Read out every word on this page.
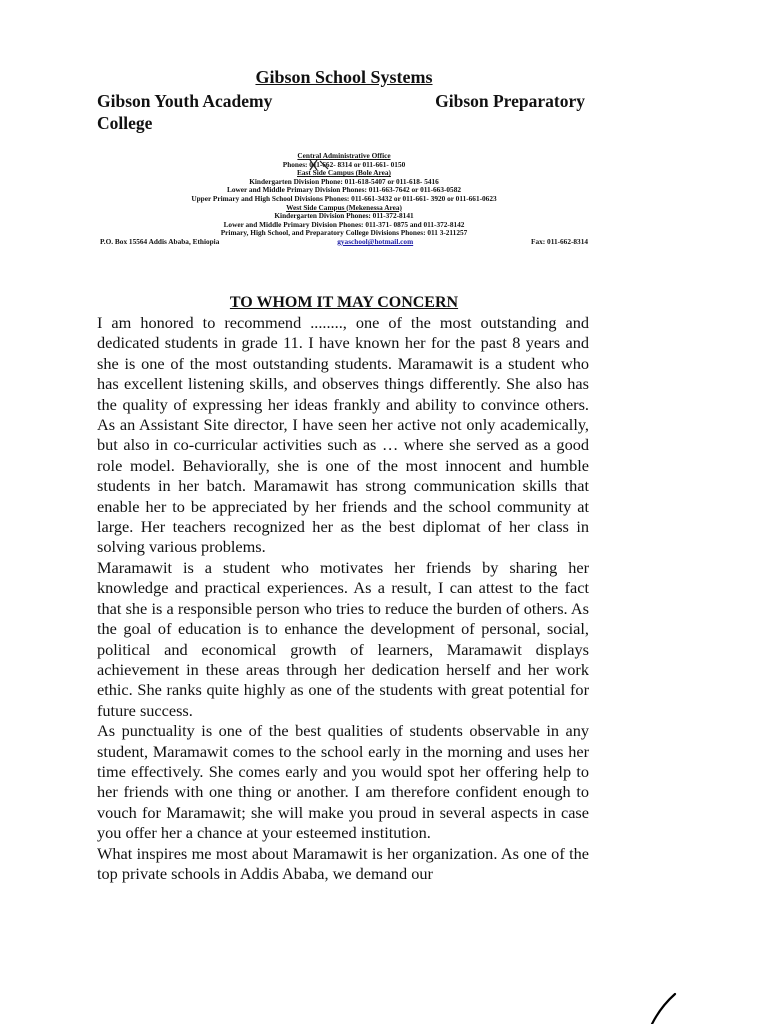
Gibson School Systems
Gibson Youth Academy	Gibson Preparatory
College
Central Administrative Office
Phones: 011-662- 8314 or 011-661- 0150
East Side Campus (Bole Area)
Kindergarten Division Phone: 011-618-5407 or 011-618- 5416
Lower and Middle Primary Division Phones: 011-663-7642 or 011-663-0582
Upper Primary and High School Divisions Phones: 011-661-3432 or 011-661- 3920 or 011-661-0623
West Side Campus (Mekenessa Area)
Kindergarten Division Phones: 011-372-8141
Lower and Middle Primary Division Phones: 011-371- 0875 and 011-372-8142
Primary, High School, and Preparatory College Divisions Phones: 011 3-211257
P.O. Box 15564 Addis Ababa, Ethiopia	gyaschool@hotmail.com	Fax: 011-662-8314
TO WHOM IT MAY CONCERN

I am honored to recommend ........, one of the most outstanding and dedicated students in grade 11. I have known her for the past 8 years and she is one of the most outstanding students. Maramawit is a student who has excellent listening skills, and observes things differently. She also has the quality of expressing her ideas frankly and ability to convince others. As an Assistant Site director, I have seen her active not only academically, but also in co-curricular activities such as … where she served as a good role model. Behaviorally, she is one of the most innocent and humble students in her batch. Maramawit has strong communication skills that enable her to be appreciated by her friends and the school community at large. Her teachers recognized her as the best diplomat of her class in solving various problems.

Maramawit is a student who motivates her friends by sharing her knowledge and practical experiences. As a result, I can attest to the fact that she is a responsible person who tries to reduce the burden of others. As the goal of education is to enhance the development of personal, social, political and economical growth of learners, Maramawit displays achievement in these areas through her dedication herself and her work ethic. She ranks quite highly as one of the students with great potential for future success.

As punctuality is one of the best qualities of students observable in any student, Maramawit comes to the school early in the morning and uses her time effectively. She comes early and you would spot her offering help to her friends with one thing or another. I am therefore confident enough to vouch for Maramawit; she will make you proud in several aspects in case you offer her a chance at your esteemed institution.

What inspires me most about Maramawit is her organization. As one of the top private schools in Addis Ababa, we demand our
